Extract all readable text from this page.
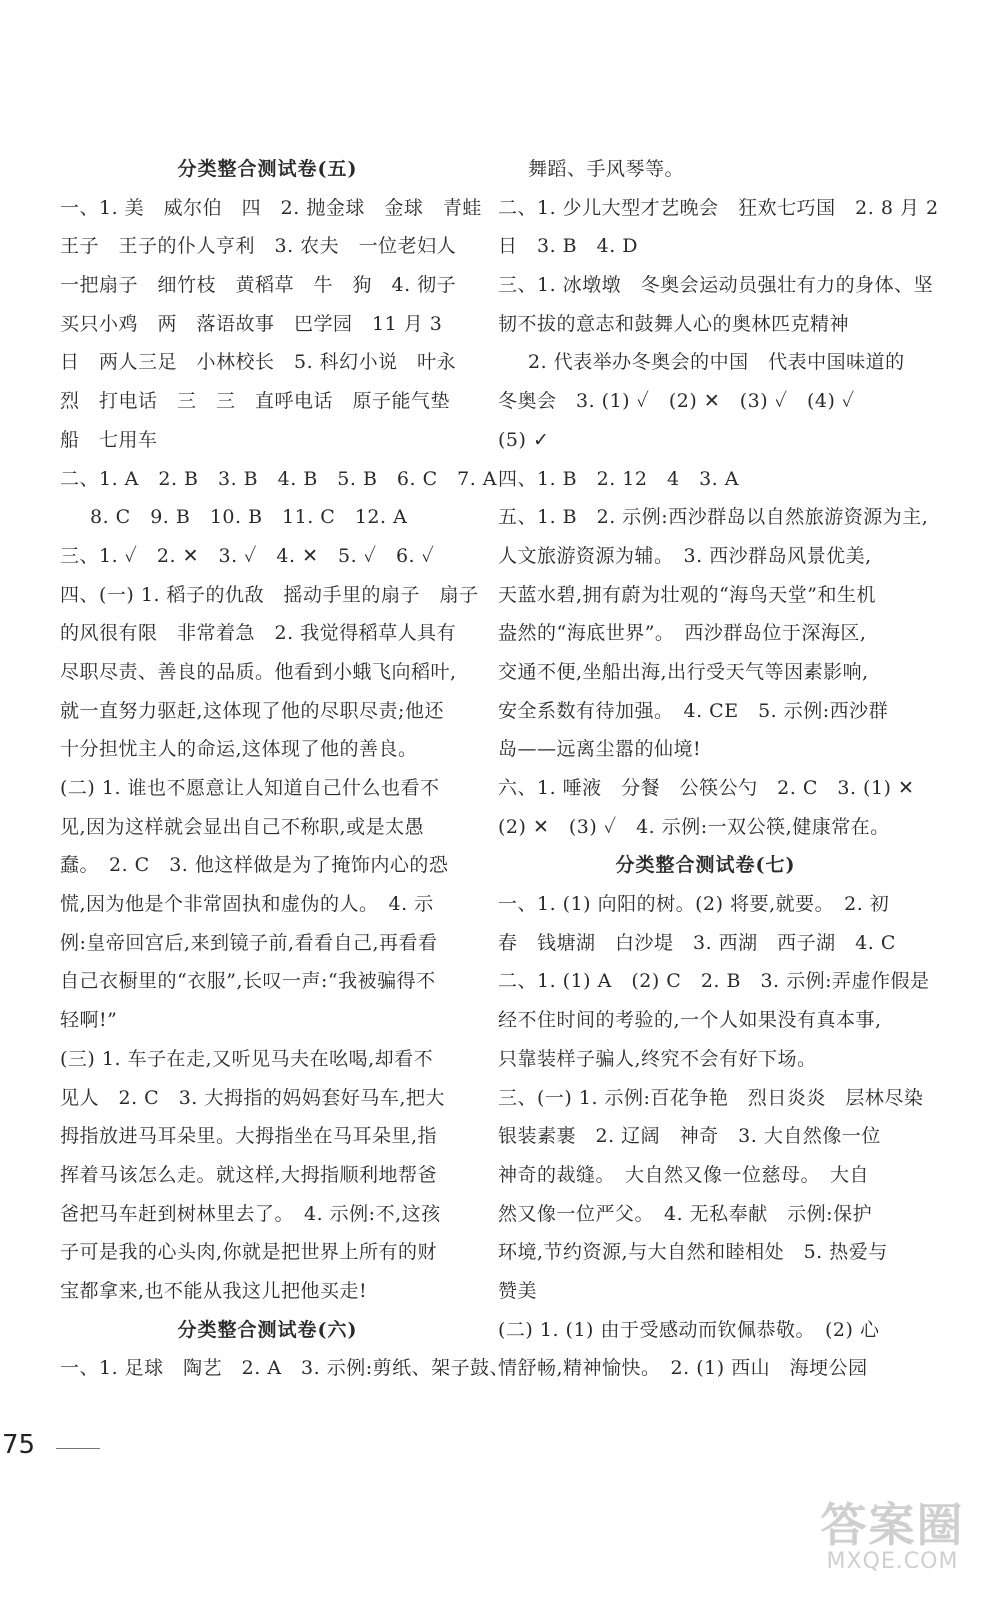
分类整合测试卷(五)
一、1. 美　威尔伯　四　2. 抛金球　金球　青蛙
王子　王子的仆人亨利　3. 农夫　一位老妇人
一把扇子　细竹枝　黄稻草　牛　狗　4. 彻子
买只小鸡　两　落语故事　巴学园　11 月 3
日　两人三足　小林校长　5. 科幻小说　叶永
烈　打电话　三　三　直呼电话　原子能气垫
船　七用车
二、1. A　2. B　3. B　4. B　5. B　6. C　7. A
8. C　9. B　10. B　11. C　12. A
三、1. ✓　2. ✕　3. ✓　4. ✕　5. ✓　6. ✓
四、(一) 1. 稻子的仇敌　摇动手里的扇子　扇子
的风很有限　非常着急　2. 我觉得稻草人具有
尽职尽责、善良的品质。他看到小蛾飞向稻叶,
就一直努力驱赶,这体现了他的尽职尽责;他还
十分担忧主人的命运,这体现了他的善良。
(二) 1. 谁也不愿意让人知道自己什么也看不
见,因为这样就会显出自己不称职,或是太愚
蠢。　2. C　3. 他这样做是为了掩饰内心的恐
慌,因为他是个非常固执和虚伪的人。　4. 示
例:皇帝回宫后,来到镜子前,看看自己,再看看
自己衣橱里的“衣服”,长叹一声:“我被骗得不
轻啊!”
(三) 1. 车子在走,又听见马夫在吆喝,却看不
见人　2. C　3. 大拇指的妈妈套好马车,把大
拇指放进马耳朵里。大拇指坐在马耳朵里,指
挥着马该怎么走。就这样,大拇指顺利地帮爸
爸把马车赶到树林里去了。　4. 示例:不,这孩
子可是我的心头肉,你就是把世界上所有的财
宝都拿来,也不能从我这儿把他买走!
分类整合测试卷(六)
一、1. 足球　陶艺　2. A　3. 示例:剪纸、架子鼓、
舞蹈、手风琴等。
二、1. 少儿大型才艺晚会　狂欢七巧国　2. 8 月 2
日　3. B　4. D
三、1. 冰墩墩　冬奥会运动员强壮有力的身体、坚
韧不拔的意志和鼓舞人心的奥林匹克精神
2. 代表举办冬奥会的中国　代表中国味道的
冬奥会　3. (1) ✓　(2) ✕　(3) ✓　(4) ✓
(5) ✓
四、1. B　2. 12　4　3. A
五、1. B　2. 示例:西沙群岛以自然旅游资源为主,
人文旅游资源为辅。　3. 西沙群岛风景优美,
天蓝水碧,拥有蔚为壮观的“海鸟天堂”和生机
盎然的“海底世界”。　西沙群岛位于深海区,
交通不便,坐船出海,出行受天气等因素影响,
安全系数有待加强。　4. CE　5. 示例:西沙群
岛——远离尘嚣的仙境!
六、1. 唾液　分餐　公筷公勺　2. C　3. (1) ✕
(2) ✕　(3) ✓　4. 示例:一双公筷,健康常在。
分类整合测试卷(七)
一、1. (1) 向阳的树。(2) 将要,就要。　2. 初
春　钱塘湖　白沙堤　3. 西湖　西子湖　4. C
二、1. (1) A　(2) C　2. B　3. 示例:弄虚作假是
经不住时间的考验的,一个人如果没有真本事,
只靠装样子骗人,终究不会有好下场。
三、(一) 1. 示例:百花争艳　烈日炎炎　层林尽染
银装素裹　2. 辽阔　神奇　3. 大自然像一位
神奇的裁缝。　大自然又像一位慈母。　大自
然又像一位严父。　4. 无私奉献　示例:保护
环境,节约资源,与大自然和睦相处　5. 热爱与
赞美
(二) 1. (1) 由于受感动而钦佩恭敬。　(2) 心
情舒畅,精神愉快。　2. (1) 西山　海埂公园
75
答案圈
MXQE.COM
